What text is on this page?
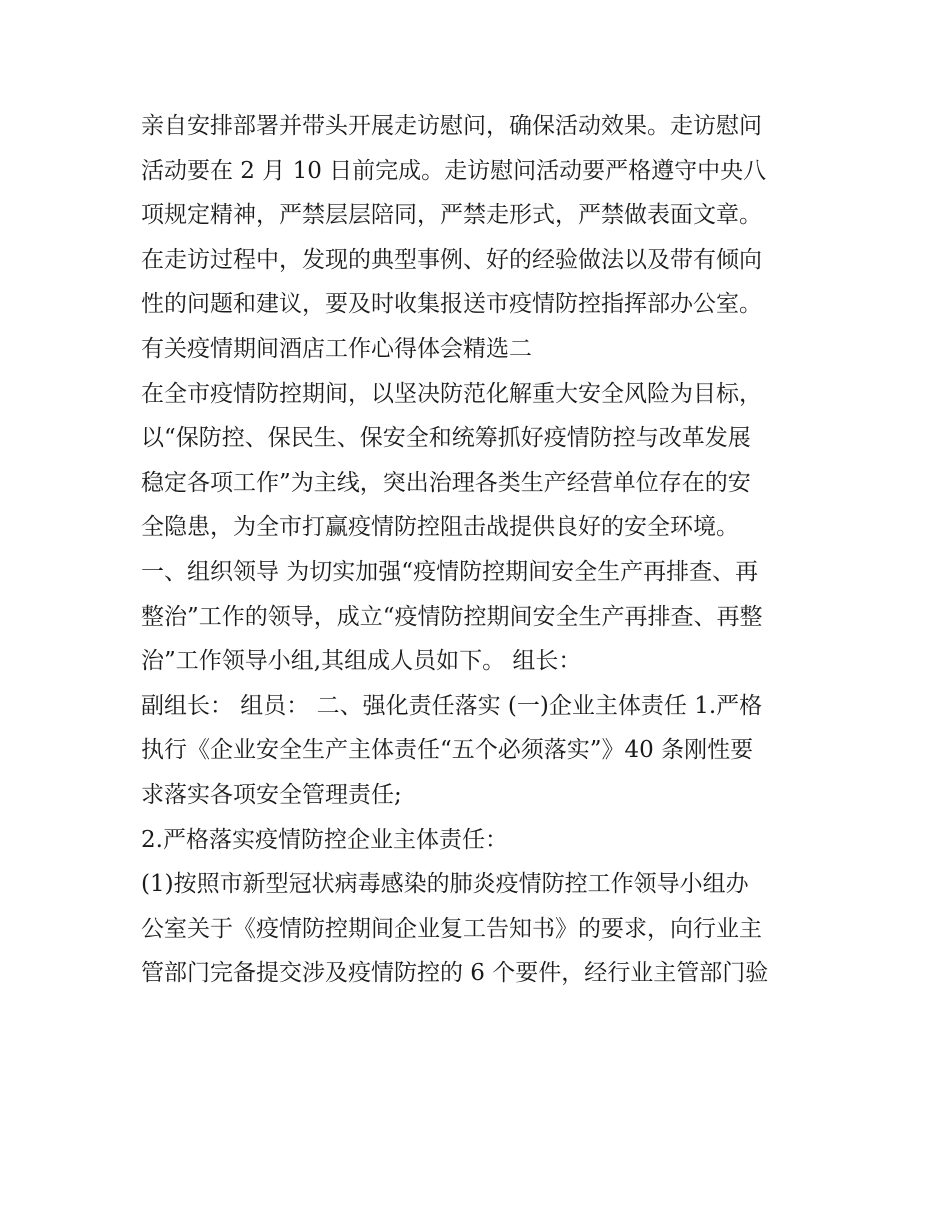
亲自安排部署并带头开展走访慰问，确保活动效果。走访慰问
活动要在 2 月 10 日前完成。走访慰问活动要严格遵守中央八
项规定精神，严禁层层陪同，严禁走形式，严禁做表面文章。
在走访过程中，发现的典型事例、好的经验做法以及带有倾向
性的问题和建议，要及时收集报送市疫情防控指挥部办公室。
有关疫情期间酒店工作心得体会精选二
在全市疫情防控期间，以坚决防范化解重大安全风险为目标，
以“保防控、保民生、保安全和统筹抓好疫情防控与改革发展
稳定各项工作”为主线，突出治理各类生产经营单位存在的安
全隐患，为全市打赢疫情防控阻击战提供良好的安全环境。
一、组织领导 为切实加强“疫情防控期间安全生产再排查、再
整治”工作的领导，成立“疫情防控期间安全生产再排查、再整
治”工作领导小组,其组成人员如下。 组长：
副组长： 组员： 二、强化责任落实 (一)企业主体责任 1.严格
执行《企业安全生产主体责任“五个必须落实”》40 条刚性要
求落实各项安全管理责任;
2.严格落实疫情防控企业主体责任：
(1)按照市新型冠状病毒感染的肺炎疫情防控工作领导小组办
公室关于《疫情防控期间企业复工告知书》的要求，向行业主
管部门完备提交涉及疫情防控的 6 个要件，经行业主管部门验
